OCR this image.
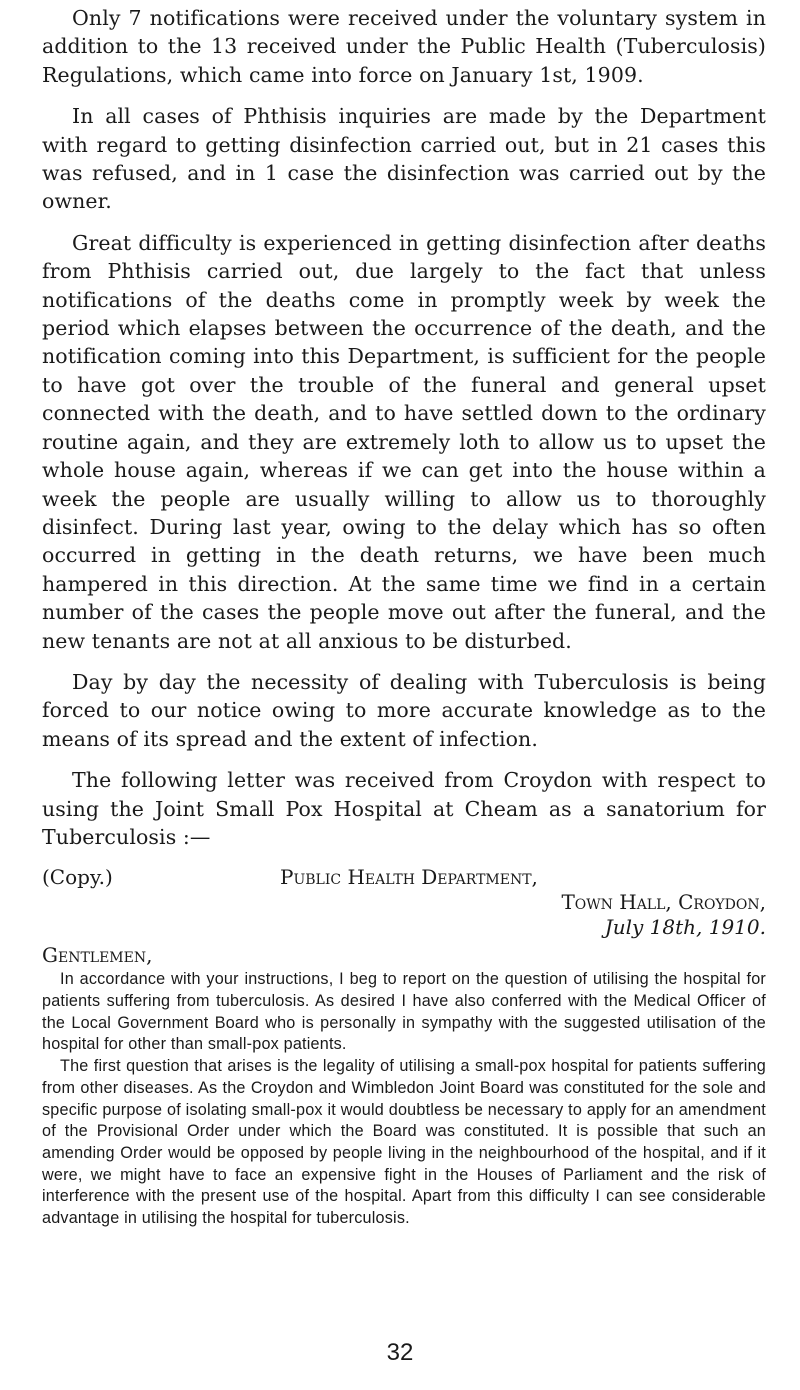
Only 7 notifications were received under the voluntary system in addition to the 13 received under the Public Health (Tuberculosis) Regulations, which came into force on January 1st, 1909.

In all cases of Phthisis inquiries are made by the Department with regard to getting disinfection carried out, but in 21 cases this was refused, and in 1 case the disinfection was carried out by the owner.

Great difficulty is experienced in getting disinfection after deaths from Phthisis carried out, due largely to the fact that unless notifications of the deaths come in promptly week by week the period which elapses between the occurrence of the death, and the notification coming into this Department, is sufficient for the people to have got over the trouble of the funeral and general upset connected with the death, and to have settled down to the ordinary routine again, and they are extremely loth to allow us to upset the whole house again, whereas if we can get into the house within a week the people are usually willing to allow us to thoroughly disinfect. During last year, owing to the delay which has so often occurred in getting in the death returns, we have been much hampered in this direction. At the same time we find in a certain number of the cases the people move out after the funeral, and the new tenants are not at all anxious to be disturbed.

Day by day the necessity of dealing with Tuberculosis is being forced to our notice owing to more accurate knowledge as to the means of its spread and the extent of infection.

The following letter was received from Croydon with respect to using the Joint Small Pox Hospital at Cheam as a sanatorium for Tuberculosis :—

(Copy.)	Public Health Department,
Town Hall, Croydon,
July 18th, 1910.

Gentlemen,

In accordance with your instructions, I beg to report on the question of utilising the hospital for patients suffering from tuberculosis. As desired I have also conferred with the Medical Officer of the Local Government Board who is personally in sympathy with the suggested utilisation of the hospital for other than small-pox patients.

The first question that arises is the legality of utilising a small-pox hospital for patients suffering from other diseases. As the Croydon and Wimbledon Joint Board was constituted for the sole and specific purpose of isolating small-pox it would doubtless be necessary to apply for an amendment of the Provisional Order under which the Board was constituted. It is possible that such an amending Order would be opposed by people living in the neighbourhood of the hospital, and if it were, we might have to face an expensive fight in the Houses of Parliament and the risk of interference with the present use of the hospital. Apart from this difficulty I can see considerable advantage in utilising the hospital for tuberculosis.

32
